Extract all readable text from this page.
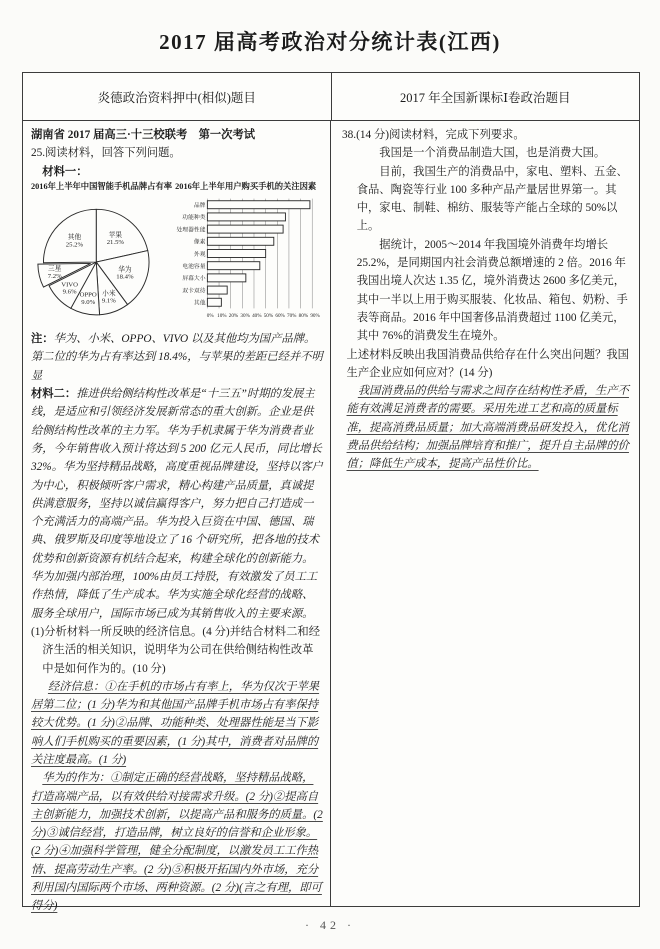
2017 届高考政治对分统计表(江西)
炎德政治资料押中(相似)题目	2017 年全国新课标Ⅰ卷政治题目
湖南省 2017 届高三·十三校联考　第一次考试
25.阅读材料，回答下列问题。
材料一：
2016年上半年中国智能手机品牌占有率
苹果 21.5%
华为 18.4%
小米 9.1%
OPPO 9.0%
VIVO 9.6%
三星 7.2%
其他 25.2%
2016年上半年用户购买手机的关注因素
0% 10% 20% 30% 40% 50% 60% 70% 80% 90%
品牌
功能种类
处理器性能
像素
外观
电池容量
屏幕大小
双卡双待
其他
注：华为、小米、OPPO、VIVO 以及其他均为国产品牌。第二位的华为占有率达到 18.4%，与苹果的差距已经并不明显
材料二：推进供给侧结构性改革是“十三五”时期的发展主线，是适应和引领经济发展新常态的重大创新。企业是供给侧结构性改革的主力军。华为手机隶属于华为消费者业务，今年销售收入预计将达到 5 200 亿元人民币，同比增长 32%。华为坚持精品战略，高度重视品牌建设，坚持以客户为中心，积极倾听客户需求，精心构建产品质量，真诚提供满意服务，坚持以诚信赢得客户，努力把自己打造成一个充满活力的高端产品。华为投入巨资在中国、德国、瑞典、俄罗斯及印度等地设立了 16 个研究所，把各地的技术优势和创新资源有机结合起来，构建全球化的创新能力。华为加强内部治理，100%由员工持股，有效激发了员工工作热情，降低了生产成本。华为实施全球化经营的战略、服务全球用户，国际市场已成为其销售收入的主要来源。
(1)分析材料一所反映的经济信息。(4 分)并结合材料二和经济生活的相关知识，说明华为公司在供给侧结构性改革中是如何作为的。(10 分)
经济信息：①在手机的市场占有率上，华为仅次于苹果居第二位；(1 分)华为和其他国产品牌手机市场占有率保持较大优势。(1 分)②品牌、功能种类、处理器性能是当下影响人们手机购买的重要因素，(1 分)其中，消费者对品牌的关注度最高。(1 分)
华为的作为：①制定正确的经营战略，坚持精品战略，打造高端产品，以有效供给对接需求升级。(2 分)②提高自主创新能力，加强技术创新，以提高产品和服务的质量。(2 分)③诚信经营，打造品牌，树立良好的信誉和企业形象。(2 分)④加强科学管理，健全分配制度，以激发员工工作热情、提高劳动生产率。(2 分)⑤积极开拓国内外市场，充分利用国内国际两个市场、两种资源。(2 分)(言之有理，即可得分)
38.(14 分)阅读材料，完成下列要求。
我国是一个消费品制造大国，也是消费大国。
目前，我国生产的消费品中，家电、塑料、五金、食品、陶瓷等行业 100 多种产品产量居世界第一。其中，家电、制鞋、棉纺、服装等产能占全球的 50%以上。
据统计，2005～2014 年我国境外消费年均增长 25.2%，是同期国内社会消费总额增速的 2 倍。2016 年我国出境人次达 1.35 亿，境外消费达 2600 多亿美元，其中一半以上用于购买服装、化妆品、箱包、奶粉、手表等商品。2016 年中国奢侈品消费超过 1100 亿美元，其中 76%的消费发生在境外。
上述材料反映出我国消费品供给存在什么突出问题？我国生产企业应如何应对？(14 分)
我国消费品的供给与需求之间存在结构性矛盾，生产不能有效满足消费者的需要。采用先进工艺和高的质量标准，提高消费品质量；加大高端消费品研发投入，优化消费品供给结构；加强品牌培育和推广，提升自主品牌的价值；降低生产成本，提高产品性价比。
· 42 ·
